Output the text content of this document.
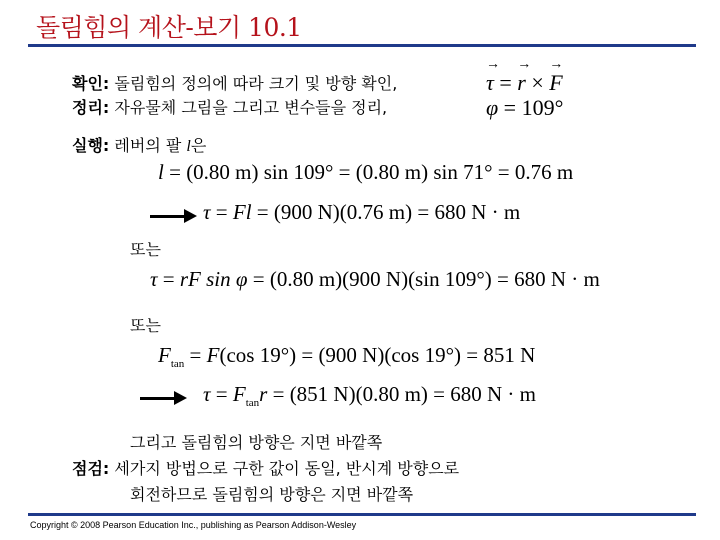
돌림힘의 계산-보기 10.1
확인: 돌림힘의 정의에 따라 크기 및 방향 확인,
정리: 자유물체 그림을 그리고 변수들을 정리,
τ
→
= r
→
× F
→
φ = 109°
실행: 레버의 팔 l은
l = (0.80 m) sin 109° = (0.80 m) sin 71° = 0.76 m
τ = Fl = (900 N)(0.76 m) = 680 N · m
또는
τ = rF sin φ = (0.80 m)(900 N)(sin 109°) = 680 N · m
또는
$F_{tan} = F(\cos$ 19°) = (900 N)(cos 19°) = 851 N
$\tau = F_{tan}r = (851$ N)(0.80 m) = 680 N · m
그리고 돌림힘의 방향은 지면 바깥쪽
점검: 세가지 방법으로 구한 값이 동일, 반시계 방향으로
회전하므로 돌림힘의 방향은 지면 바깥쪽
Copyright © 2008 Pearson Education Inc., publishing as Pearson Addison-Wesley
